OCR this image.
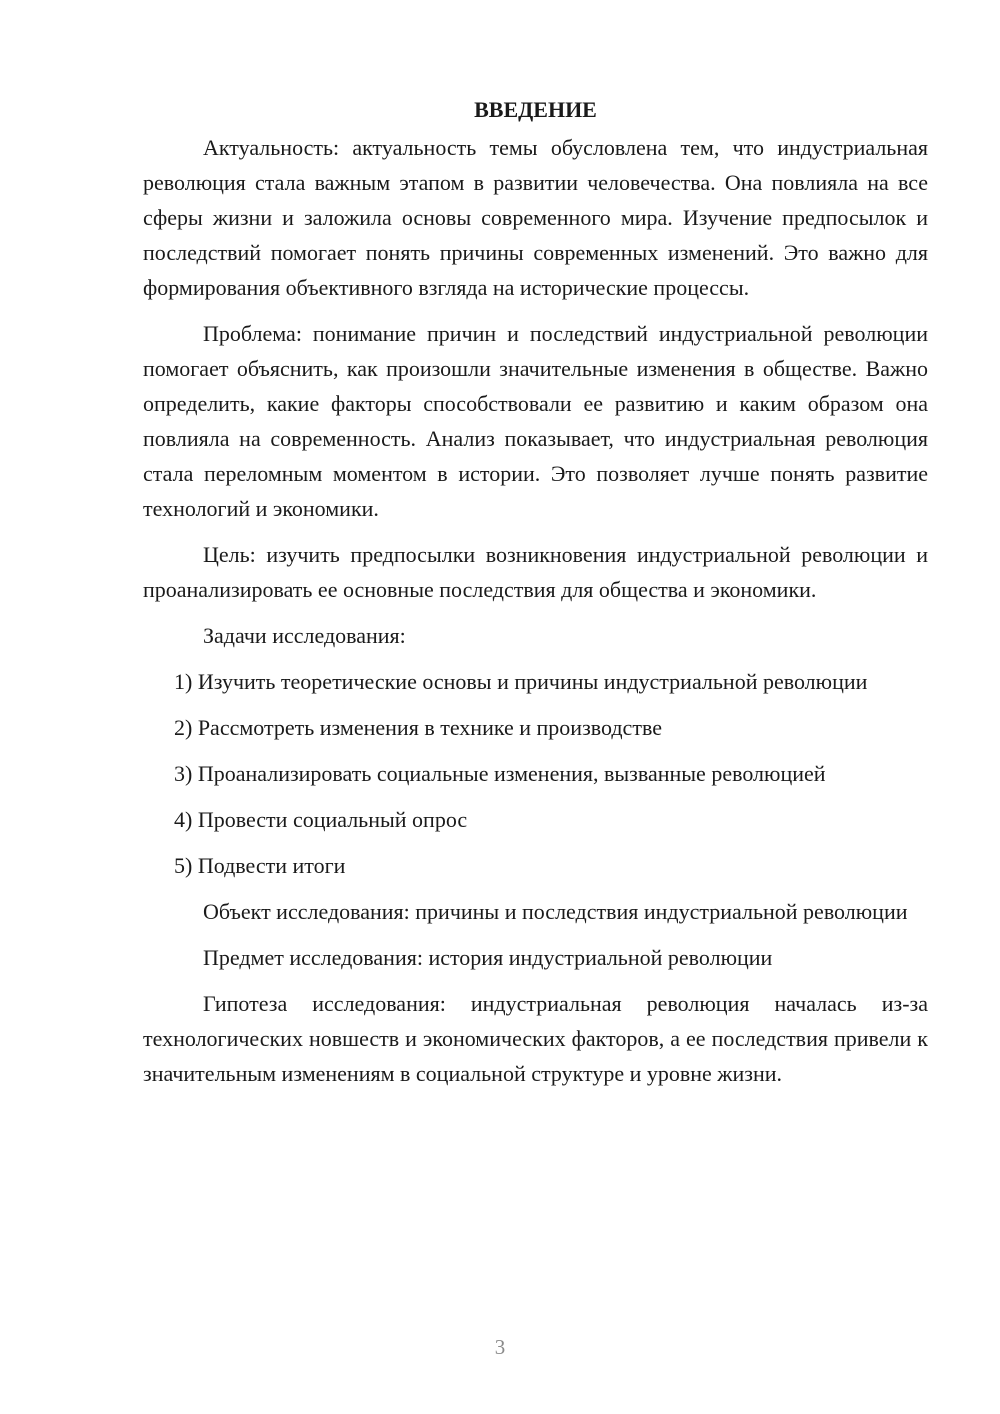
ВВЕДЕНИЕ

Актуальность: актуальность темы обусловлена тем, что индустриальная революция стала важным этапом в развитии человечества. Она повлияла на все сферы жизни и заложила основы современного мира. Изучение предпосылок и последствий помогает понять причины современных изменений. Это важно для формирования объективного взгляда на исторические процессы.

Проблема: понимание причин и последствий индустриальной революции помогает объяснить, как произошли значительные изменения в обществе. Важно определить, какие факторы способствовали ее развитию и каким образом она повлияла на современность. Анализ показывает, что индустриальная революция стала переломным моментом в истории. Это позволяет лучше понять развитие технологий и экономики.

Цель: изучить предпосылки возникновения индустриальной революции и проанализировать ее основные последствия для общества и экономики.

Задачи исследования:

1) Изучить теоретические основы и причины индустриальной революции

2) Рассмотреть изменения в технике и производстве

3) Проанализировать социальные изменения, вызванные революцией

4) Провести социальный опрос

5) Подвести итоги

Объект исследования: причины и последствия индустриальной революции

Предмет исследования: история индустриальной революции

Гипотеза исследования: индустриальная революция началась из-за технологических новшеств и экономических факторов, а ее последствия привели к значительным изменениям в социальной структуре и уровне жизни.

3
